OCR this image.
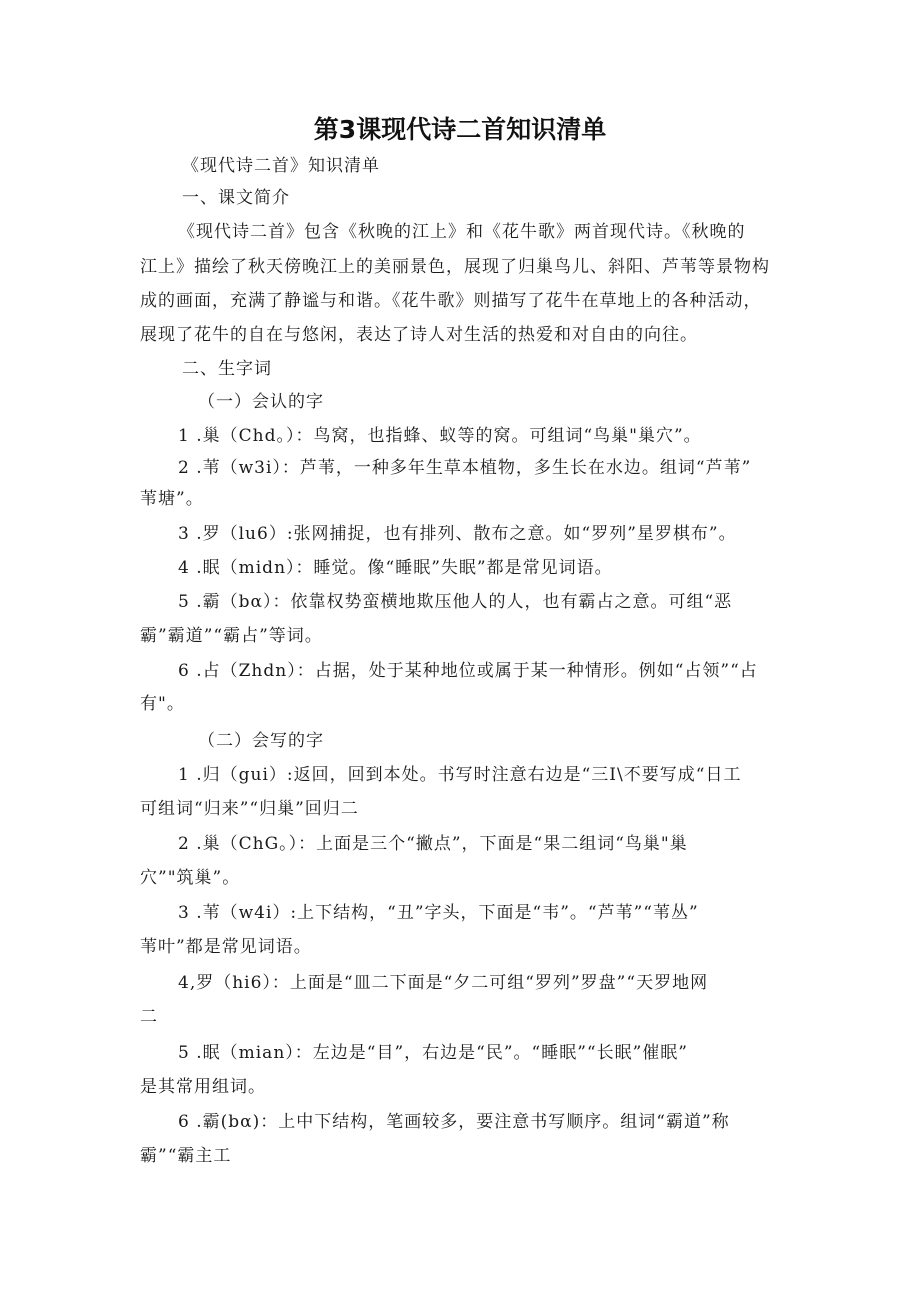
第3课现代诗二首知识清单
《现代诗二首》知识清单
一、课文简介
《现代诗二首》包含《秋晚的江上》和《花牛歌》两首现代诗。《秋晚的
江上》描绘了秋天傍晚江上的美丽景色，展现了归巢鸟儿、斜阳、芦苇等景物构
成的画面，充满了静谧与和谐。《花牛歌》则描写了花牛在草地上的各种活动，
展现了花牛的自在与悠闲，表达了诗人对生活的热爱和对自由的向往。
二、生字词
（一）会认的字
1 .巢（Chd。）：鸟窝，也指蜂、蚁等的窝。可组词“鸟巢"巢穴”。
2 .苇（w3i）：芦苇，一种多年生草本植物，多生长在水边。组词“芦苇”
苇塘”。
3 .罗（lu6）:张网捕捉，也有排列、散布之意。如“罗列”星罗棋布”。
4 .眠（midn）：睡觉。像“睡眠”失眠”都是常见词语。
5 .霸（bα）：依靠权势蛮横地欺压他人的人，也有霸占之意。可组“恶
霸”霸道”“霸占”等词。
6 .占（Zhdn）：占据，处于某种地位或属于某一种情形。例如“占领”“占
有"。
（二）会写的字
1 .归（gui）:返回，回到本处。书写时注意右边是“三I\不要写成“日工
可组词“归来”“归巢”回归二
2 .巢（ChG。）：上面是三个“撇点”，下面是“果二组词“鸟巢"巢
穴”"筑巢”。
3 .苇（w4i）:上下结构，“丑”字头，下面是“韦”。“芦苇”“苇丛”
苇叶”都是常见词语。
4,罗（hi6）：上面是“皿二下面是“夕二可组“罗列”罗盘”“天罗地网
二
5 .眠（mian）：左边是“目”，右边是“民”。“睡眠”“长眠”催眠”
是其常用组词。
6 .霸(bα)：上中下结构，笔画较多，要注意书写顺序。组词“霸道”称
霸”“霸主工
